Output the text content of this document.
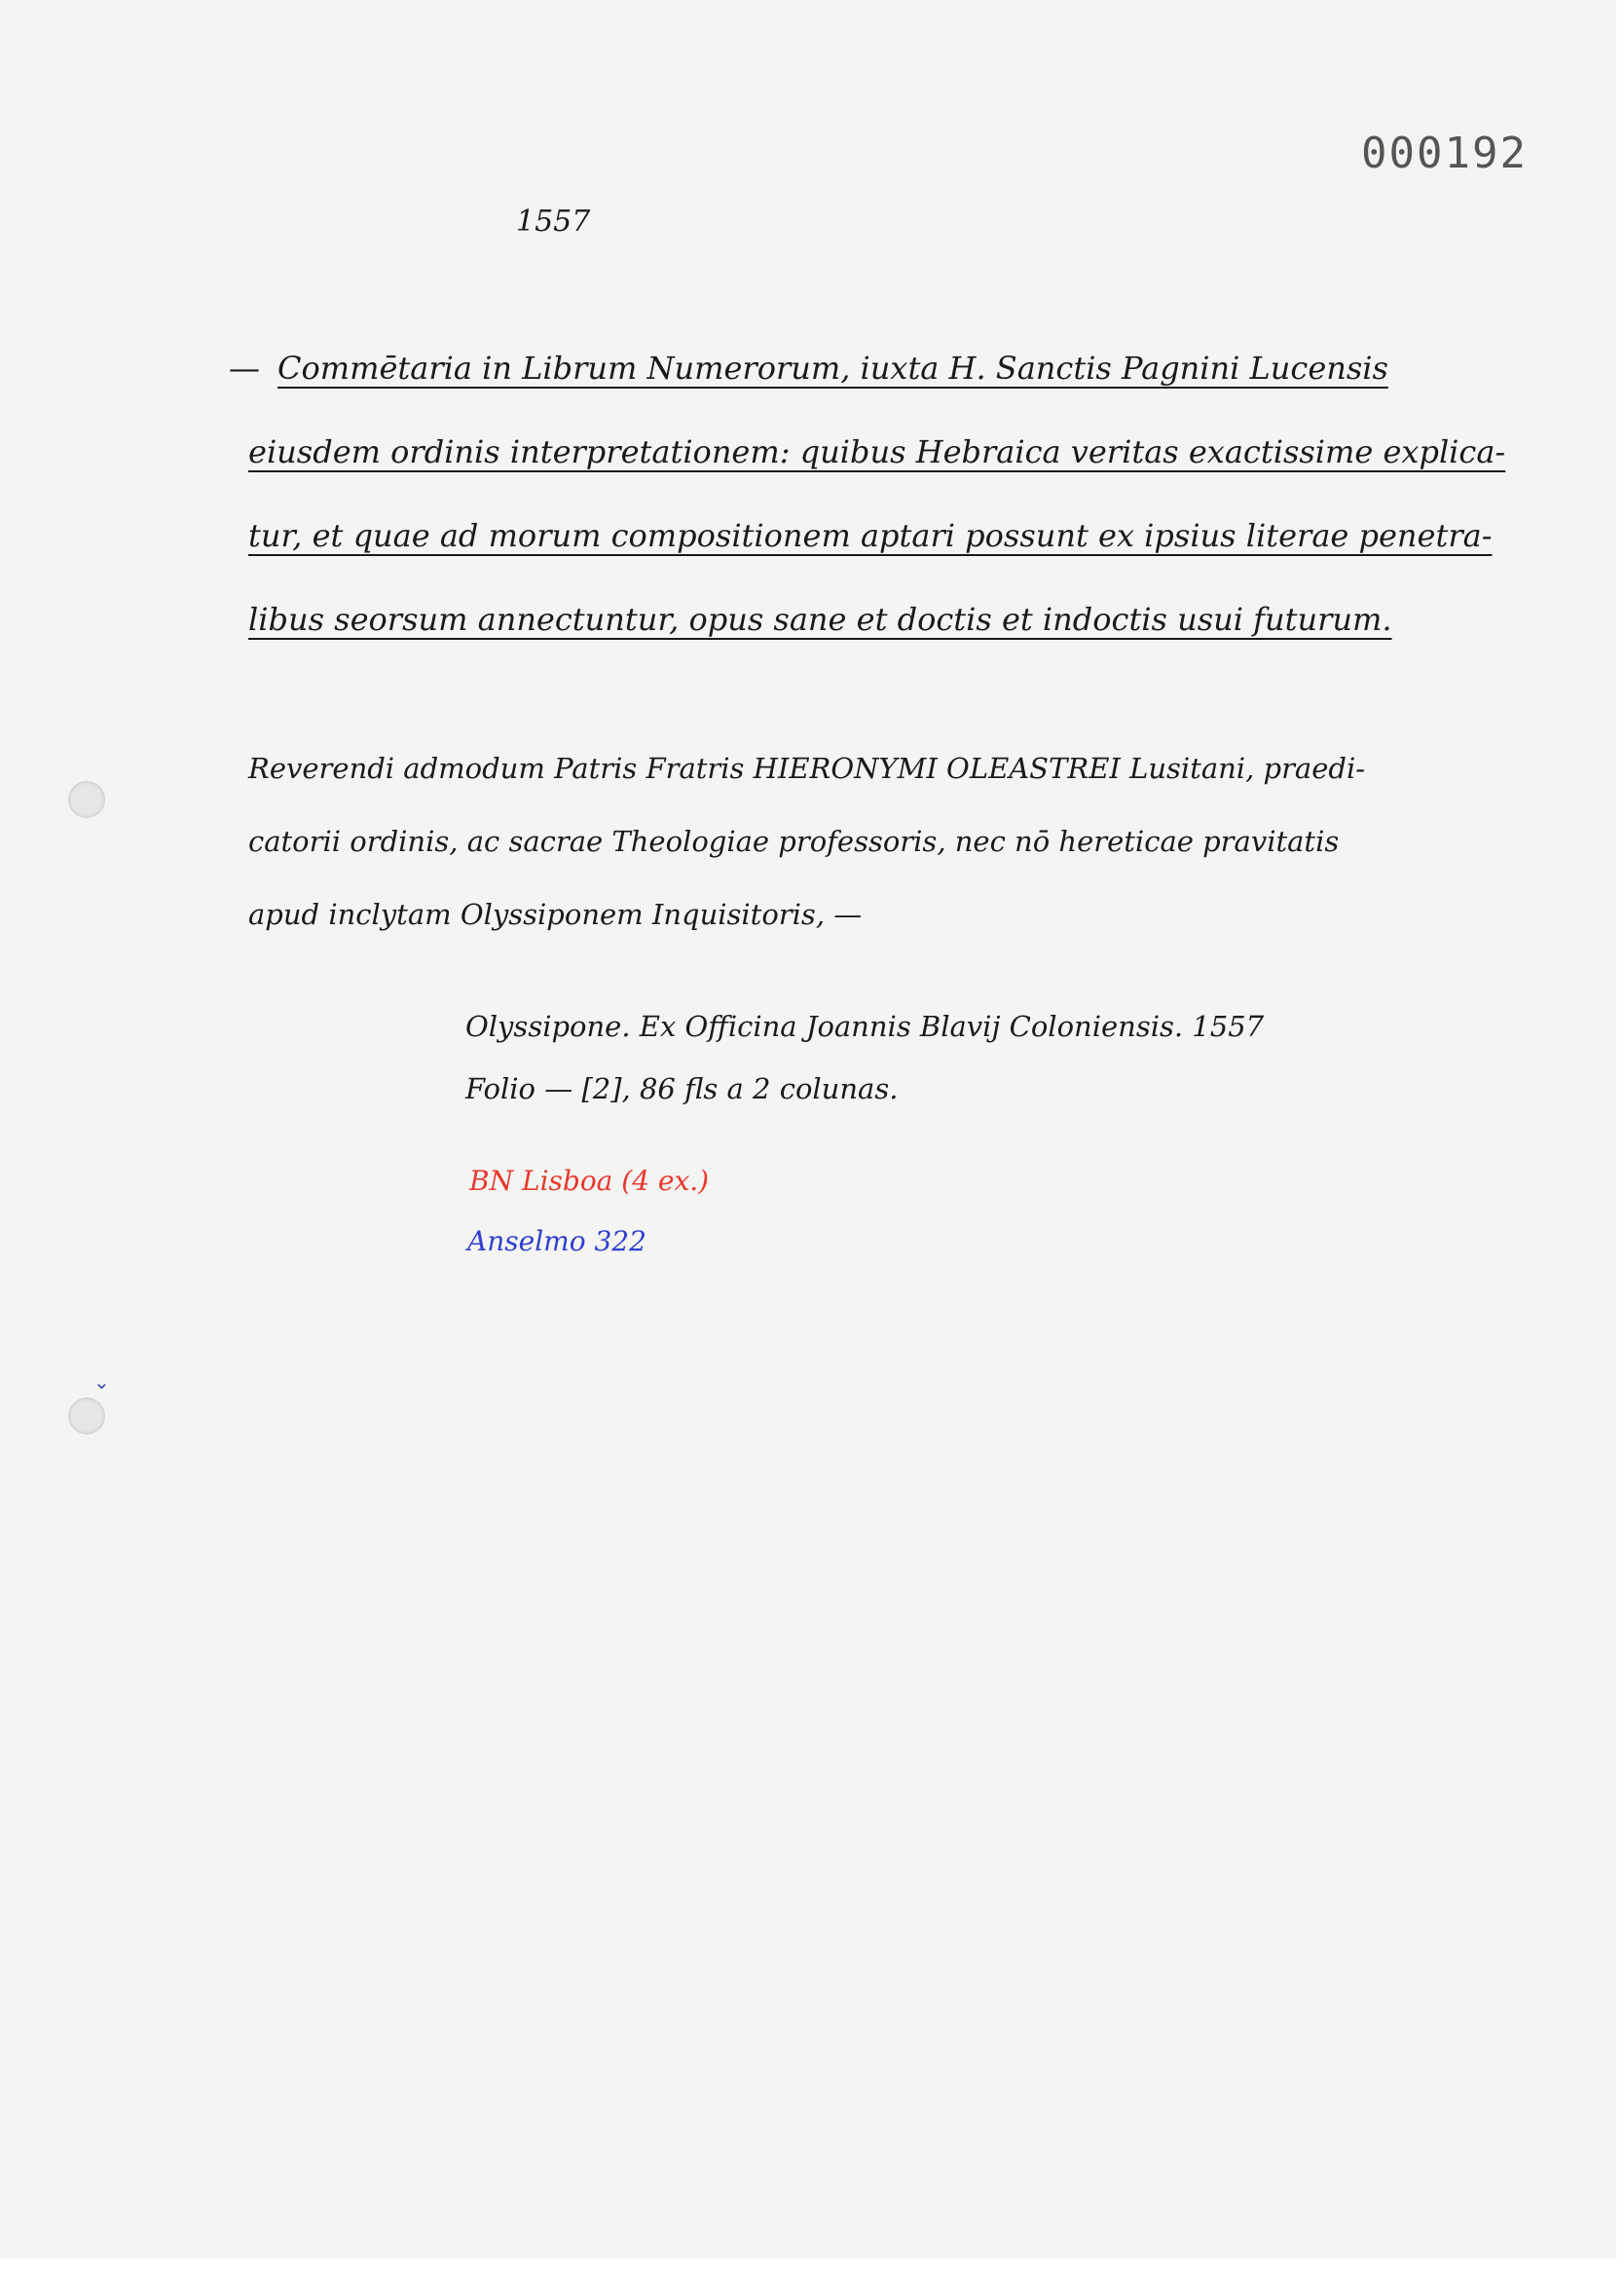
⌄
000192
1557
— Commētaria in Librum Numerorum, iuxta H. Sanctis Pagnini Lucensis
eiusdem ordinis interpretationem: quibus Hebraica veritas exactissime explica-
tur, et quae ad morum compositionem aptari possunt ex ipsius literae penetra-
libus seorsum annectuntur, opus sane et doctis et indoctis usui futurum.
Reverendi admodum Patris Fratris HIERONYMI OLEASTREI Lusitani, praedi-
catorii ordinis, ac sacrae Theologiae professoris, nec nō hereticae pravitatis
apud inclytam Olyssiponem Inquisitoris, —
Olyssipone. Ex Officina Joannis Blavij Coloniensis. 1557
Folio — [2], 86 fls a 2 colunas.
BN Lisboa (4 ex.)
Anselmo 322
